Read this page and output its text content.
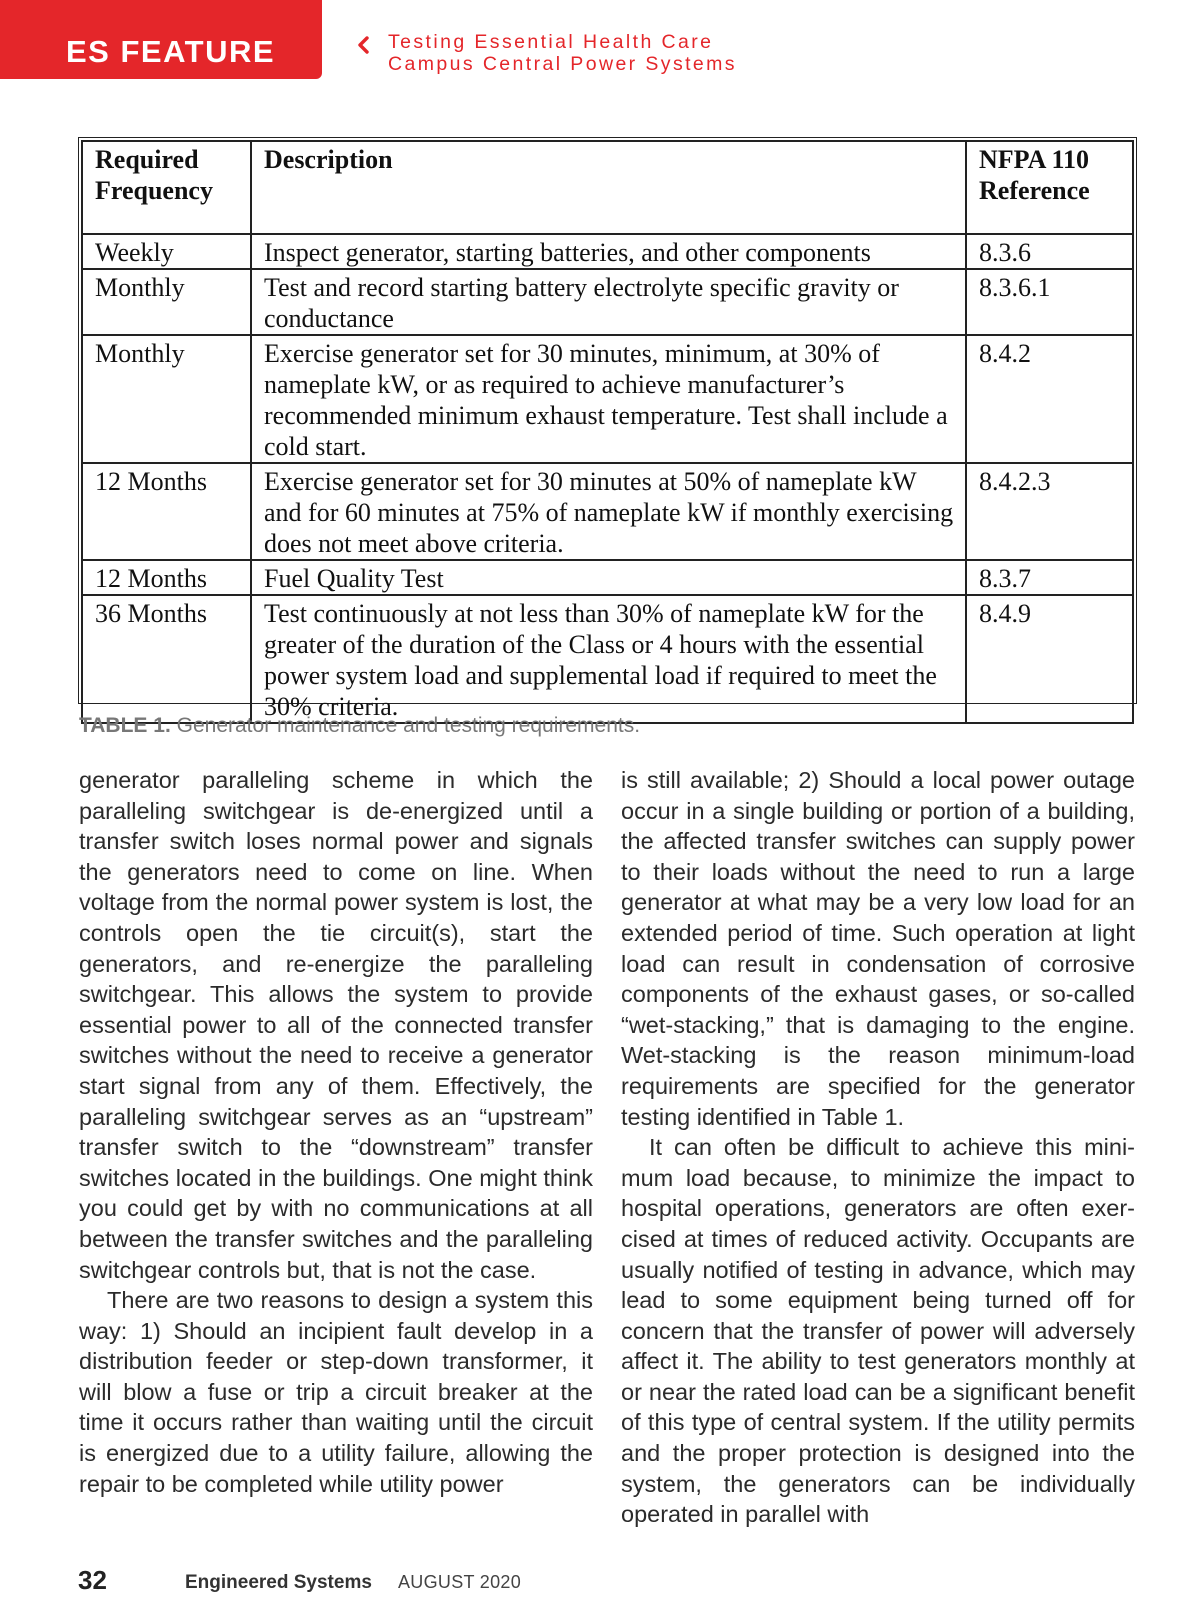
ES FEATURE	Testing Essential Health Care
Campus Central Power Systems
Required Frequency	Description	NFPA 110 Reference
Weekly	Inspect generator, starting batteries, and other components	8.3.6
Monthly	Test and record starting battery electrolyte specific gravity or conductance	8.3.6.1
Monthly	Exercise generator set for 30 minutes, minimum, at 30% of nameplate kW, or as required to achieve manufacturer’s recommended minimum exhaust temperature. Test shall include a cold start.	8.4.2
12 Months	Exercise generator set for 30 minutes at 50% of nameplate kW and for 60 minutes at 75% of nameplate kW if monthly exercising does not meet above criteria.	8.4.2.3
12 Months	Fuel Quality Test	8.3.7
36 Months	Test continuously at not less than 30% of nameplate kW for the greater of the duration of the Class or 4 hours with the essential power system load and supplemental load if required to meet the 30% criteria.	8.4.9
TABLE 1. Generator maintenance and testing requirements.

generator paralleling scheme in which the paralleling switchgear is de-energized until a transfer switch loses normal power and signals the generators need to come on line. When voltage from the normal power system is lost, the controls open the tie circuit(s), start the generators, and re-energize the paralleling switchgear. This allows the system to provide essential power to all of the connected transfer switches without the need to receive a generator start signal from any of them. Effectively, the paralleling switchgear serves as an “upstream” transfer switch to the “downstream” transfer switches located in the buildings. One might think you could get by with no communications at all between the transfer switches and the paralleling switchgear controls but, that is not the case.

There are two reasons to design a system this way: 1) Should an incipient fault develop in a distribution feeder or step-down transformer, it will blow a fuse or trip a circuit breaker at the time it occurs rather than waiting until the circuit is energized due to a utility failure, allowing the repair to be completed while utility power

is still available; 2) Should a local power outage occur in a single building or portion of a building, the affected transfer switches can supply power to their loads without the need to run a large generator at what may be a very low load for an extended period of time. Such operation at light load can result in condensation of corrosive components of the exhaust gases, or so-called “wet-stacking,” that is damaging to the engine. Wet-stacking is the reason minimum-load requirements are specified for the generator testing identified in Table 1.

It can often be difficult to achieve this minimum load because, to minimize the impact to hospital operations, generators are often exercised at times of reduced activity. Occupants are usually notified of testing in advance, which may lead to some equipment being turned off for concern that the transfer of power will adversely affect it. The ability to test generators monthly at or near the rated load can be a significant benefit of this type of central system. If the utility permits and the proper protection is designed into the system, the generators can be individually operated in parallel with

32	Engineered Systems AUGUST 2020
